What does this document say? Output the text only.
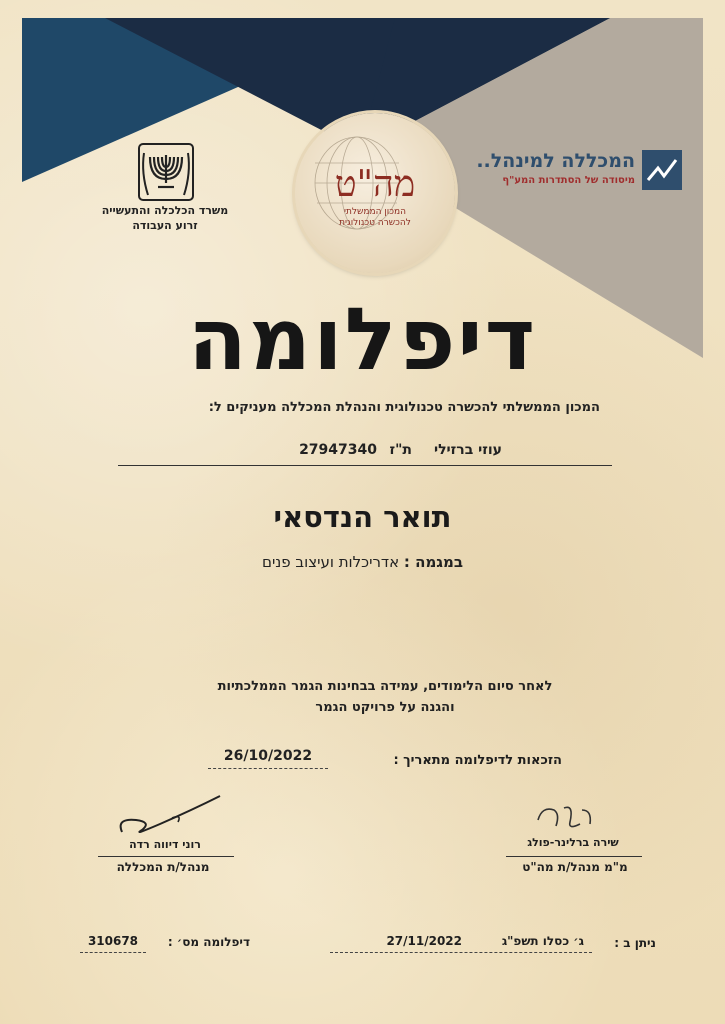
משרד הכלכלה והתעשייה
זרוע העבודה
מה"ט
המכון הממשלתי
להכשרה טכנולוגית
המכללה למינהל..
מיסודה של הסתדרות המע"ף
דיפלומה
המכון הממשלתי להכשרה טכנולוגית והנהלת המכללה מעניקים ל:
עוזי ברזילי
ת"ז
27947340
תואר הנדסאי
במגמה : אדריכלות ועיצוב פנים
לאחר סיום הלימודים, עמידה בבחינות הגמר הממלכתיות
והגנה על פרויקט הגמר
הזכאות לדיפלומה מתאריך :
26/10/2022
רוני דיווה רדה
מנהל/ת המכללה
שירה ברלינר-פולג
מ"מ מנהל/ת מה"ט
310678	דיפלומה מס׳ :	ג׳ כסלו תשפ"ג
27/11/2022	ניתן ב :
